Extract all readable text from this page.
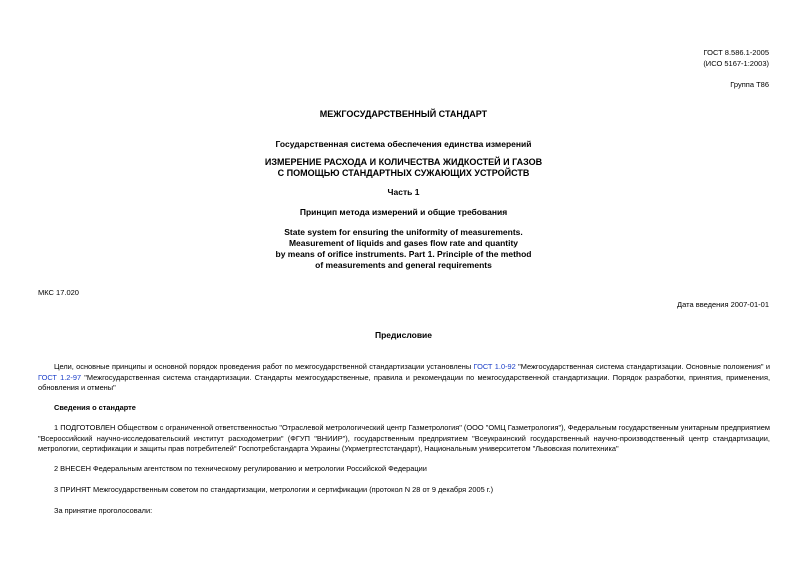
ГОСТ 8.586.1-2005
(ИСО 5167-1:2003)
Группа Т86
МЕЖГОСУДАРСТВЕННЫЙ СТАНДАРТ
Государственная система обеспечения единства измерений
ИЗМЕРЕНИЕ РАСХОДА И КОЛИЧЕСТВА ЖИДКОСТЕЙ И ГАЗОВ
С ПОМОЩЬЮ СТАНДАРТНЫХ СУЖАЮЩИХ УСТРОЙСТВ
Часть 1
Принцип метода измерений и общие требования
State system for ensuring the uniformity of measurements.
Measurement of liquids and gases flow rate and quantity
by means of orifice instruments. Part 1. Principle of the method
of measurements and general requirements
МКС 17.020
Дата введения 2007-01-01
Предисловие
Цели, основные принципы и основной порядок проведения работ по межгосударственной стандартизации установлены ГОСТ 1.0-92 "Межгосударственная система стандартизации. Основные положения" и ГОСТ 1.2-97 "Межгосударственная система стандартизации. Стандарты межгосударственные, правила и рекомендации по межгосударственной стандартизации. Порядок разработки, принятия, применения, обновления и отмены"
Сведения о стандарте
1 ПОДГОТОВЛЕН Обществом с ограниченной ответственностью "Отраслевой метрологический центр Газметрология" (ООО "ОМЦ Газметрология"), Федеральным государственным унитарным предприятием "Всероссийский научно-исследовательский институт расходометрии" (ФГУП "ВНИИР"), государственным предприятием "Всеукраинский государственный научно-производственный центр стандартизации, метрологии, сертификации и защиты прав потребителей" Госпотребстандарта Украины (Укрметртестстандарт), Национальным университетом "Львовская политехника"
2 ВНЕСЕН Федеральным агентством по техническому регулированию и метрологии Российской Федерации
3 ПРИНЯТ Межгосударственным советом по стандартизации, метрологии и сертификации (протокол N 28 от 9 декабря 2005 г.)
За принятие проголосовали:
